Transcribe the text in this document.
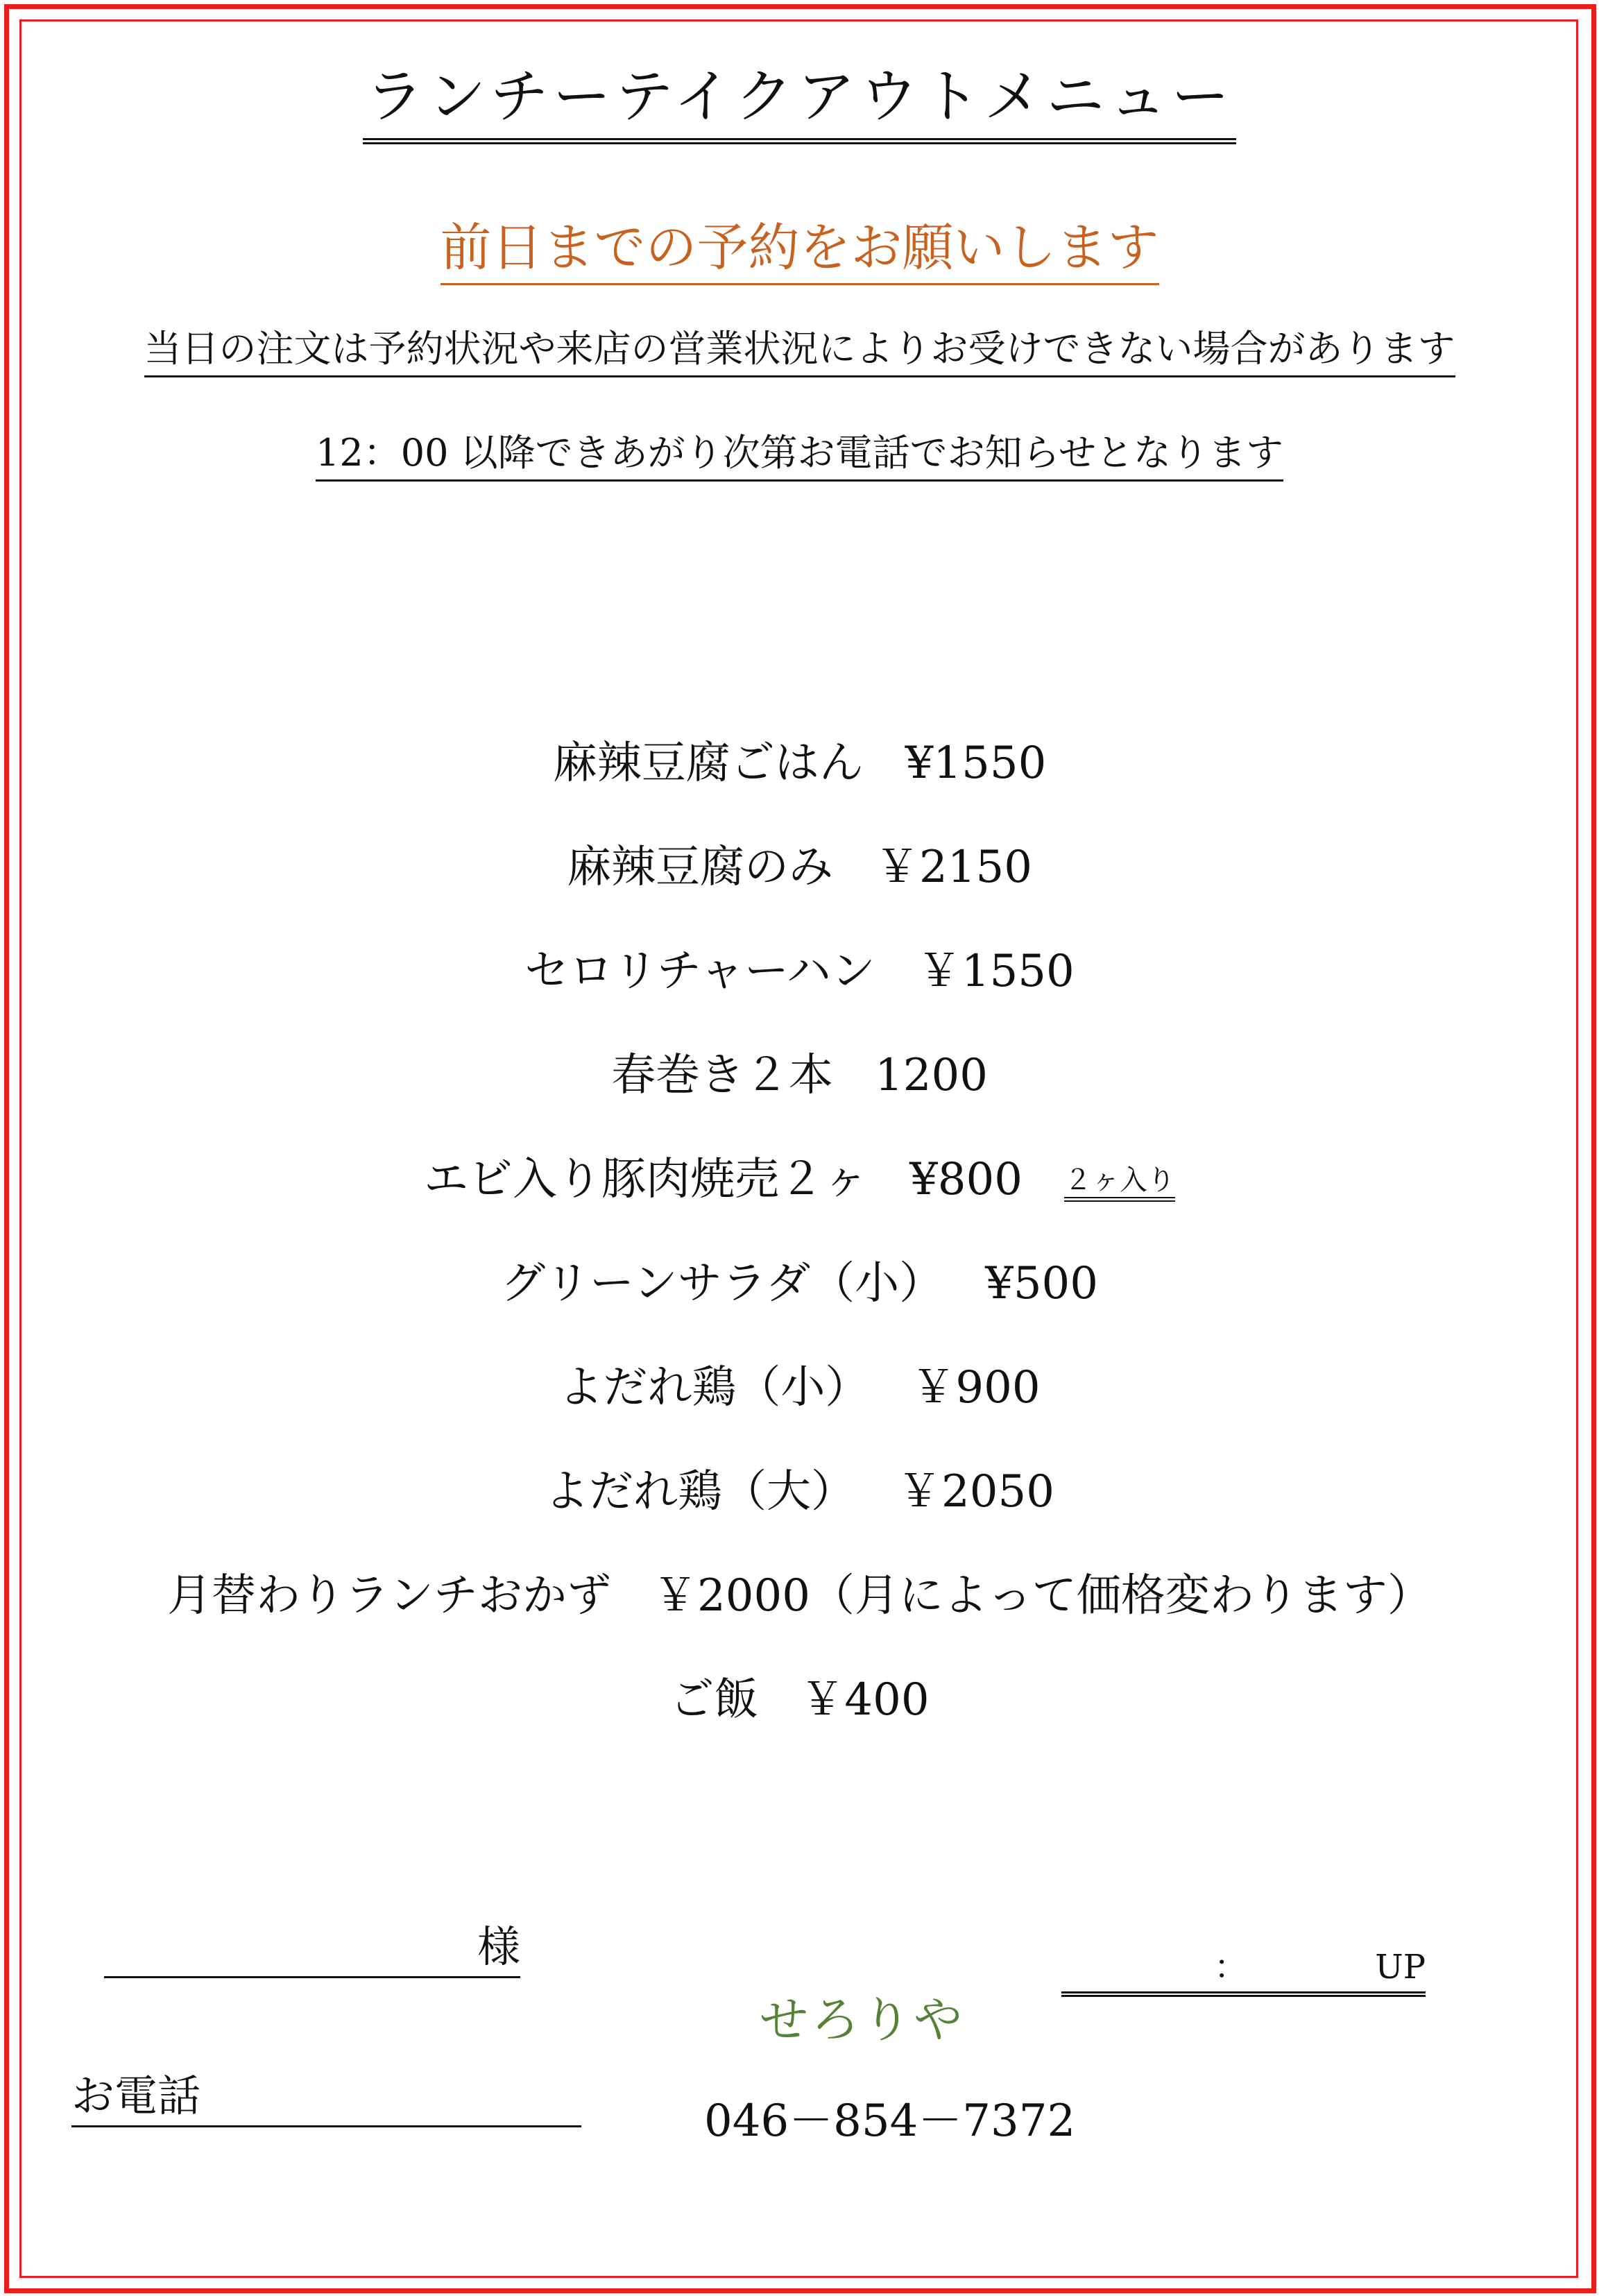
ランチーテイクアウトメニュー
前日までの予約をお願いします
当日の注文は予約状況や来店の営業状況によりお受けできない場合があります
12：00 以降できあがり次第お電話でお知らせとなります
麻辣豆腐ごはん ¥1550
麻辣豆腐のみ ￥2150
セロリチャーハン ￥1550
春巻き２本 1200
エビ入り豚肉焼売２ヶ ¥800 ２ヶ入り
グリーンサラダ（小） ¥500
よだれ鶏（小） ￥900
よだれ鶏（大） ￥2050
月替わりランチおかず ￥2000（月によって価格変わります）
ご飯 ￥400
様
お電話
：	UP
せろりや
046－854－7372
